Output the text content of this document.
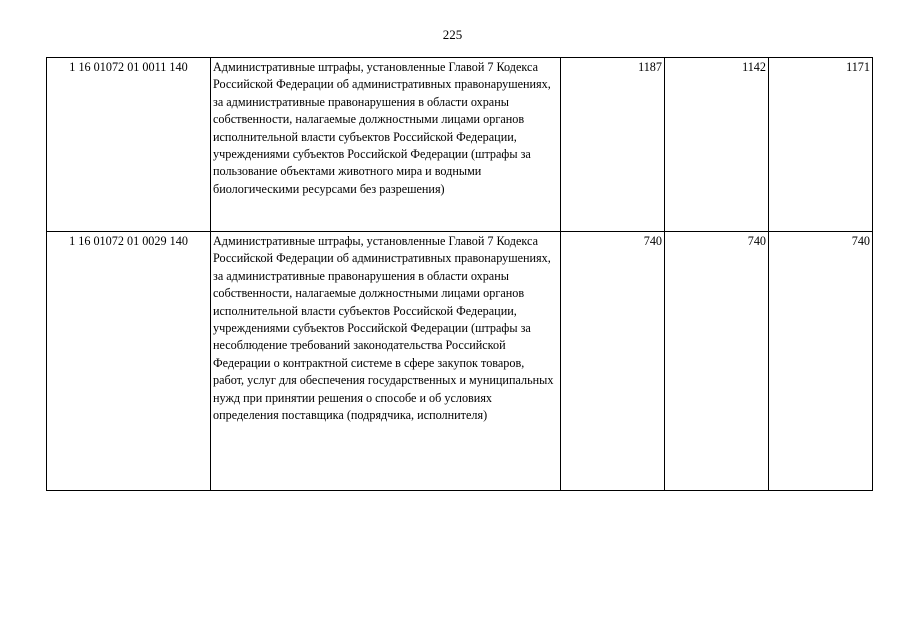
225
1 16 01072 01 0011 140	Административные штрафы, установленные Главой 7 Кодекса Российской Федерации об административных правонарушениях, за административные правонарушения в области охраны собственности, налагаемые должностными лицами органов исполнительной власти субъектов Российской Федерации, учреждениями субъектов Российской Федерации (штрафы за пользование объектами животного мира и водными биологическими ресурсами без разрешения)	1187	1142	1171
1 16 01072 01 0029 140	Административные штрафы, установленные Главой 7 Кодекса Российской Федерации об административных правонарушениях, за административные правонарушения в области охраны собственности, налагаемые должностными лицами органов исполнительной власти субъектов Российской Федерации, учреждениями субъектов Российской Федерации (штрафы за несоблюдение требований законодательства Российской Федерации о контрактной системе в сфере закупок товаров, работ, услуг для обеспечения государственных и муниципальных нужд при принятии решения о способе и об условиях определения поставщика (подрядчика, исполнителя)	740	740	740
